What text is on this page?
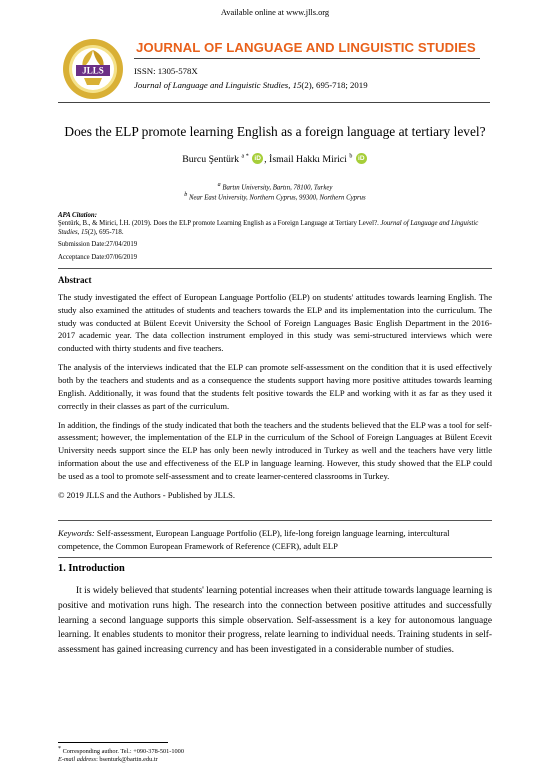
Available online at www.jlls.org
JLLS
JOURNAL OF LANGUAGE AND LINGUISTIC STUDIES
ISSN: 1305-578X
Journal of Language and Linguistic Studies, 15(2), 695-718; 2019
Does the ELP promote learning English as a foreign language at tertiary level?
Burcu Şentürk $^{a *}$ iD , İsmail Hakkı Mirici $^b$ iD
$^a$ Bartın University, Bartın, 78100, Turkey
$^b$ Near East University, Northern Cyprus, 99300, Northern Cyprus
APA Citation:
Şentürk, B., & Mirici, İ.H. (2019). Does the ELP promote Learning English as a Foreign Language at Tertiary Level?. Journal of Language and Linguistic Studies, 15(2), 695-718.
Submission Date:27/04/2019
Acceptance Date:07/06/2019
Abstract

The study investigated the effect of European Language Portfolio (ELP) on students' attitudes towards learning English. The study also examined the attitudes of students and teachers towards the ELP and its implementation into the curriculum. The study was conducted at Bülent Ecevit University the School of Foreign Languages Basic English Department in the 2016-2017 academic year. The data collection instrument employed in this study was semi-structured interviews which were conducted with thirty students and five teachers.

The analysis of the interviews indicated that the ELP can promote self-assessment on the condition that it is used effectively both by the teachers and students and as a consequence the students support having more positive attitudes towards learning English. Additionally, it was found that the students felt positive towards the ELP and working with it as far as they used it correctly in their classes as part of the curriculum.

In addition, the findings of the study indicated that both the teachers and the students believed that the ELP was a tool for self-assessment; however, the implementation of the ELP in the curriculum of the School of Foreign Languages at Bülent Ecevit University needs support since the ELP has only been newly introduced in Turkey as well and the teachers have very little information about the use and effectiveness of the ELP in language learning. However, this study showed that the ELP could be used as a tool to promote self-assessment and to create learner-centered classrooms in Turkey.

© 2019 JLLS and the Authors - Published by JLLS.

Keywords: Self-assessment, European Language Portfolio (ELP), life-long foreign language learning, intercultural competence, the Common European Framework of Reference (CEFR), adult ELP
1. Introduction
It is widely believed that students' learning potential increases when their attitude towards language learning is positive and motivation runs high. The research into the connection between positive attitudes and successfully learning a second language supports this simple observation. Self-assessment is a key for autonomous language learning. It enables students to monitor their progress, relate learning to individual needs. Training students in self-assessment has gained increasing currency and has been investigated in a considerable number of studies.
* Corresponding author. Tel.: +090-378-501-1000
E-mail address: bsenturk@bartin.edu.tr
